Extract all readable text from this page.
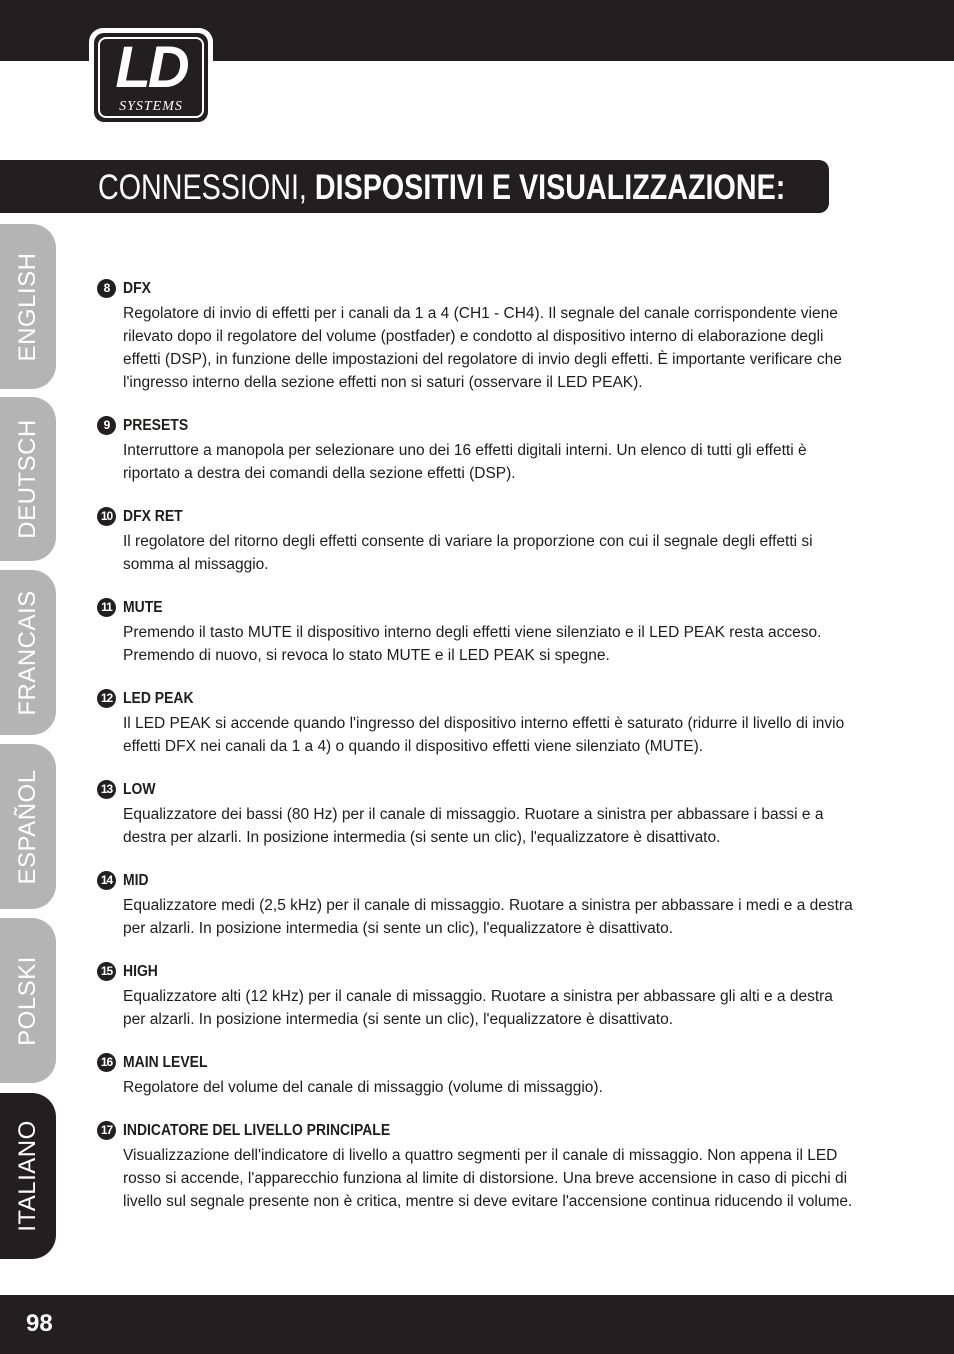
LD
SYSTEMS
CONNESSIONI, DISPOSITIVI E VISUALIZZAZIONE:
ENGLISH
DEUTSCH
FRANCAIS
ESPAÑOL
POLSKI
ITALIANO
8 DFX
Regolatore di invio di effetti per i canali da 1 a 4 (CH1 - CH4). Il segnale del canale corrispondente viene rilevato dopo il regolatore del volume (postfader) e condotto al dispositivo interno di elaborazione degli effetti (DSP), in funzione delle impostazioni del regolatore di invio degli effetti. È importante verificare che l'ingresso interno della sezione effetti non si saturi (osservare il LED PEAK).
9 PRESETS
Interruttore a manopola per selezionare uno dei 16 effetti digitali interni. Un elenco di tutti gli effetti è riportato a destra dei comandi della sezione effetti (DSP).
10 DFX RET
Il regolatore del ritorno degli effetti consente di variare la proporzione con cui il segnale degli effetti si somma al missaggio.
11 MUTE
Premendo il tasto MUTE il dispositivo interno degli effetti viene silenziato e il LED PEAK resta acceso. Premendo di nuovo, si revoca lo stato MUTE e il LED PEAK si spegne.
12 LED PEAK
Il LED PEAK si accende quando l'ingresso del dispositivo interno effetti è saturato (ridurre il livello di invio effetti DFX nei canali da 1 a 4) o quando il dispositivo effetti viene silenziato (MUTE).
13 LOW
Equalizzatore dei bassi (80 Hz) per il canale di missaggio. Ruotare a sinistra per abbassare i bassi e a destra per alzarli. In posizione intermedia (si sente un clic), l'equalizzatore è disattivato.
14 MID
Equalizzatore medi (2,5 kHz) per il canale di missaggio. Ruotare a sinistra per abbassare i medi e a destra per alzarli. In posizione intermedia (si sente un clic), l'equalizzatore è disattivato.
15 HIGH
Equalizzatore alti (12 kHz) per il canale di missaggio. Ruotare a sinistra per abbassare gli alti e a destra per alzarli. In posizione intermedia (si sente un clic), l'equalizzatore è disattivato.
16 MAIN LEVEL
Regolatore del volume del canale di missaggio (volume di missaggio).
17 INDICATORE DEL LIVELLO PRINCIPALE
Visualizzazione dell'indicatore di livello a quattro segmenti per il canale di missaggio. Non appena il LED rosso si accende, l'apparecchio funziona al limite di distorsione. Una breve accensione in caso di picchi di livello sul segnale presente non è critica, mentre si deve evitare l'accensione continua riducendo il volume.
98
